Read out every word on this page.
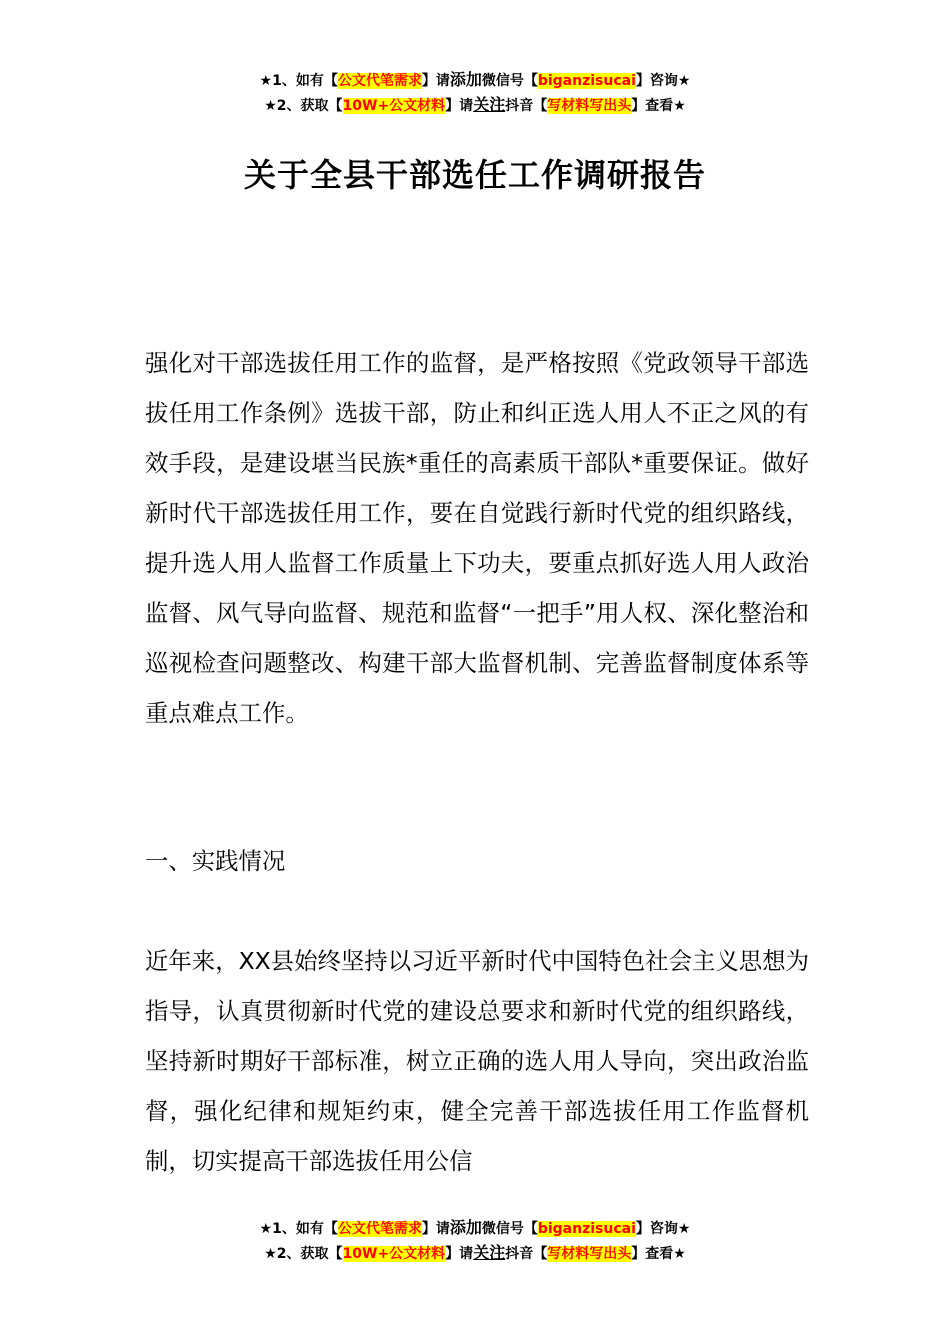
★1、如有【公文代笔需求】请添加微信号【biganzisucai】咨询★
★2、获取【10W+公文材料】请关注抖音【写材料写出头】查看★
关于全县干部选任工作调研报告

强化对干部选拔任用工作的监督，是严格按照《党政领导干部选拔任用工作条例》选拔干部，防止和纠正选人用人不正之风的有效手段，是建设堪当民族*重任的高素质干部队*重要保证。做好新时代干部选拔任用工作，要在自觉践行新时代党的组织路线，提升选人用人监督工作质量上下功夫，要重点抓好选人用人政治监督、风气导向监督、规范和监督“一把手”用人权、深化整治和巡视检查问题整改、构建干部大监督机制、完善监督制度体系等重点难点工作。

一、实践情况

近年来，XX县始终坚持以习近平新时代中国特色社会主义思想为指导，认真贯彻新时代党的建设总要求和新时代党的组织路线，坚持新时期好干部标准，树立正确的选人用人导向，突出政治监督，强化纪律和规矩约束，健全完善干部选拔任用工作监督机制，切实提高干部选拔任用公信

★1、如有【公文代笔需求】请添加微信号【biganzisucai】咨询★
★2、获取【10W+公文材料】请关注抖音【写材料写出头】查看★
